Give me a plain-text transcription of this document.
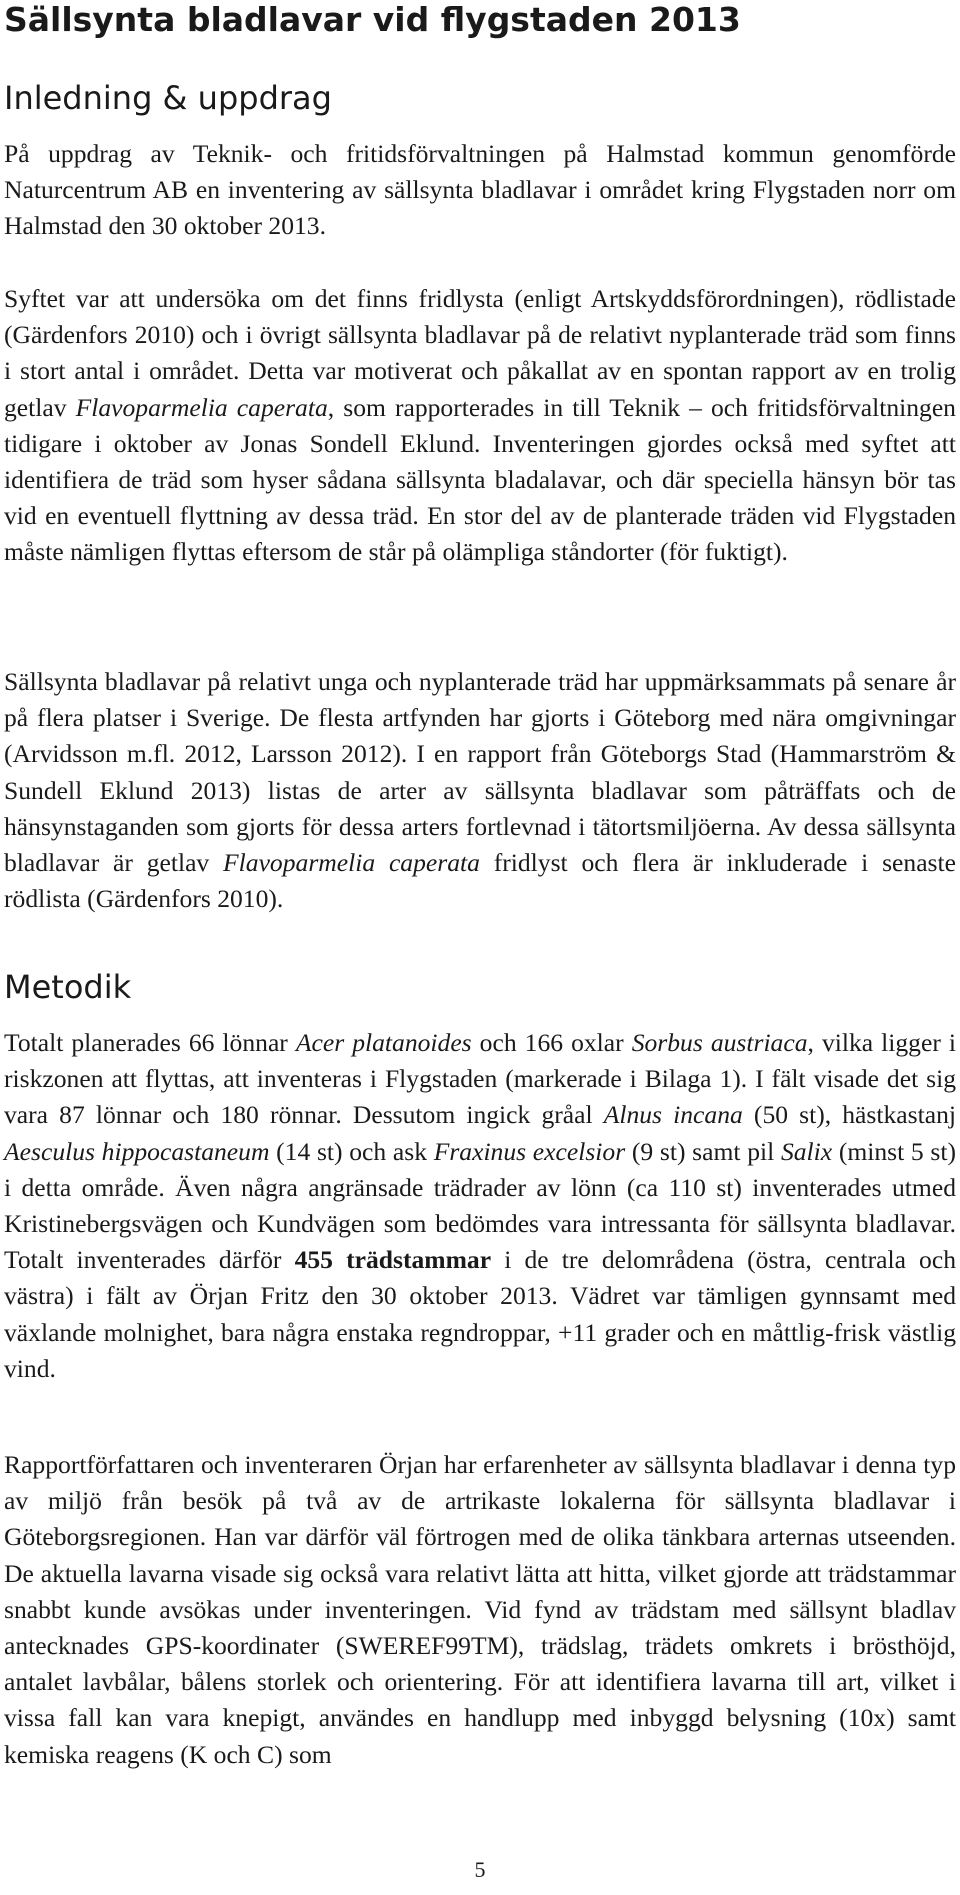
Sällsynta bladlavar vid flygstaden 2013
Inledning & uppdrag

På uppdrag av Teknik- och fritidsförvaltningen på Halmstad kommun genomförde Naturcentrum AB en inventering av sällsynta bladlavar i området kring Flygstaden norr om Halmstad den 30 oktober 2013.

Syftet var att undersöka om det finns fridlysta (enligt Artskyddsförordningen), rödlistade (Gärdenfors 2010) och i övrigt sällsynta bladlavar på de relativt nyplanterade träd som finns i stort antal i området. Detta var motiverat och påkallat av en spontan rapport av en trolig getlav Flavoparmelia caperata, som rapporterades in till Teknik – och fritidsförvaltningen tidigare i oktober av Jonas Sondell Eklund. Inventeringen gjordes också med syftet att identifiera de träd som hyser sådana sällsynta bladalavar, och där speciella hänsyn bör tas vid en eventuell flyttning av dessa träd. En stor del av de planterade träden vid Flygstaden måste nämligen flyttas eftersom de står på olämpliga ståndorter (för fuktigt).

Sällsynta bladlavar på relativt unga och nyplanterade träd har uppmärksammats på senare år på flera platser i Sverige. De flesta artfynden har gjorts i Göteborg med nära omgivningar (Arvidsson m.fl. 2012, Larsson 2012). I en rapport från Göteborgs Stad (Hammarström & Sundell Eklund 2013) listas de arter av sällsynta bladlavar som påträffats och de hänsynstaganden som gjorts för dessa arters fortlevnad i tätortsmiljöerna. Av dessa sällsynta bladlavar är getlav Flavoparmelia caperata fridlyst och flera är inkluderade i senaste rödlista (Gärdenfors 2010).

Metodik

Totalt planerades 66 lönnar Acer platanoides och 166 oxlar Sorbus austriaca, vilka ligger i riskzonen att flyttas, att inventeras i Flygstaden (markerade i Bilaga 1). I fält visade det sig vara 87 lönnar och 180 rönnar. Dessutom ingick gråal Alnus incana (50 st), hästkastanj Aesculus hippocastaneum (14 st) och ask Fraxinus excelsior (9 st) samt pil Salix (minst 5 st) i detta område. Även några angränsade trädrader av lönn (ca 110 st) inventerades utmed Kristinebergsvägen och Kundvägen som bedömdes vara intressanta för sällsynta bladlavar. Totalt inventerades därför 455 trädstammar i de tre delområdena (östra, centrala och västra) i fält av Örjan Fritz den 30 oktober 2013. Vädret var tämligen gynnsamt med växlande molnighet, bara några enstaka regndroppar, +11 grader och en måttlig-frisk västlig vind.

Rapportförfattaren och inventeraren Örjan har erfarenheter av sällsynta bladlavar i denna typ av miljö från besök på två av de artrikaste lokalerna för sällsynta bladlavar i Göteborgsregionen. Han var därför väl förtrogen med de olika tänkbara arternas utseenden. De aktuella lavarna visade sig också vara relativt lätta att hitta, vilket gjorde att trädstammar snabbt kunde avsökas under inventeringen. Vid fynd av trädstam med sällsynt bladlav antecknades GPS-koordinater (SWEREF99TM), trädslag, trädets omkrets i brösthöjd, antalet lavbålar, bålens storlek och orientering. För att identifiera lavarna till art, vilket i vissa fall kan vara knepigt, användes en handlupp med inbyggd belysning (10x) samt kemiska reagens (K och C) som

5
